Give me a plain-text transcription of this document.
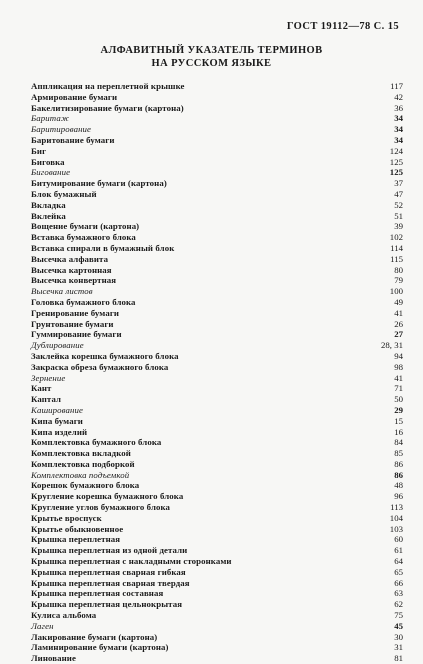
ГОСТ 19112—78 С. 15
АЛФАВИТНЫЙ УКАЗАТЕЛЬ ТЕРМИНОВ
НА РУССКОМ ЯЗЫКЕ
Аппликация на переплетной крышке	117
Армирование бумаги	42
Бакелитизирование бумаги (картона)	36
Баритаж	34
Баритирование	34
Баритование бумаги	34
Биг	124
Биговка	125
Бигование	125
Битумирование бумаги (картона)	37
Блок бумажный	47
Вкладка	52
Вклейка	51
Вощение бумаги (картона)	39
Вставка бумажного блока	102
Вставка спирали в бумажный блок	114
Высечка алфавита	115
Высечка картонная	80
Высечка конвертная	79
Высечка листов	100
Головка бумажного блока	49
Гренирование бумаги	41
Грунтование бумаги	26
Гуммирование бумаги	27
Дублирование	28, 31
Заклейка корешка бумажного блока	94
Закраска обреза бумажного блока	98
Зернение	41
Кант	71
Каптал	50
Каширование	29
Кипа бумаги	15
Кипа изделий	16
Комплектовка бумажного блока	84
Комплектовка вкладкой	85
Комплектовка подборкой	86
Комплектовка подъемкой	86
Корешок бумажного блока	48
Кругление корешка бумажного блока	96
Кругление углов бумажного блока	113
Крытье вроспуск	104
Крытье обыкновенное	103
Крышка переплетная	60
Крышка переплетная из одной детали	61
Крышка переплетная с накладными сторонками	64
Крышка переплетная сварная гибкая	65
Крышка переплетная сварная твердая	66
Крышка переплетная составная	63
Крышка переплетная цельнокрытая	62
Кулиса альбома	75
Лаген	45
Лакирование бумаги (картона)	30
Ламинирование бумаги (картона)	31
Линование	81
